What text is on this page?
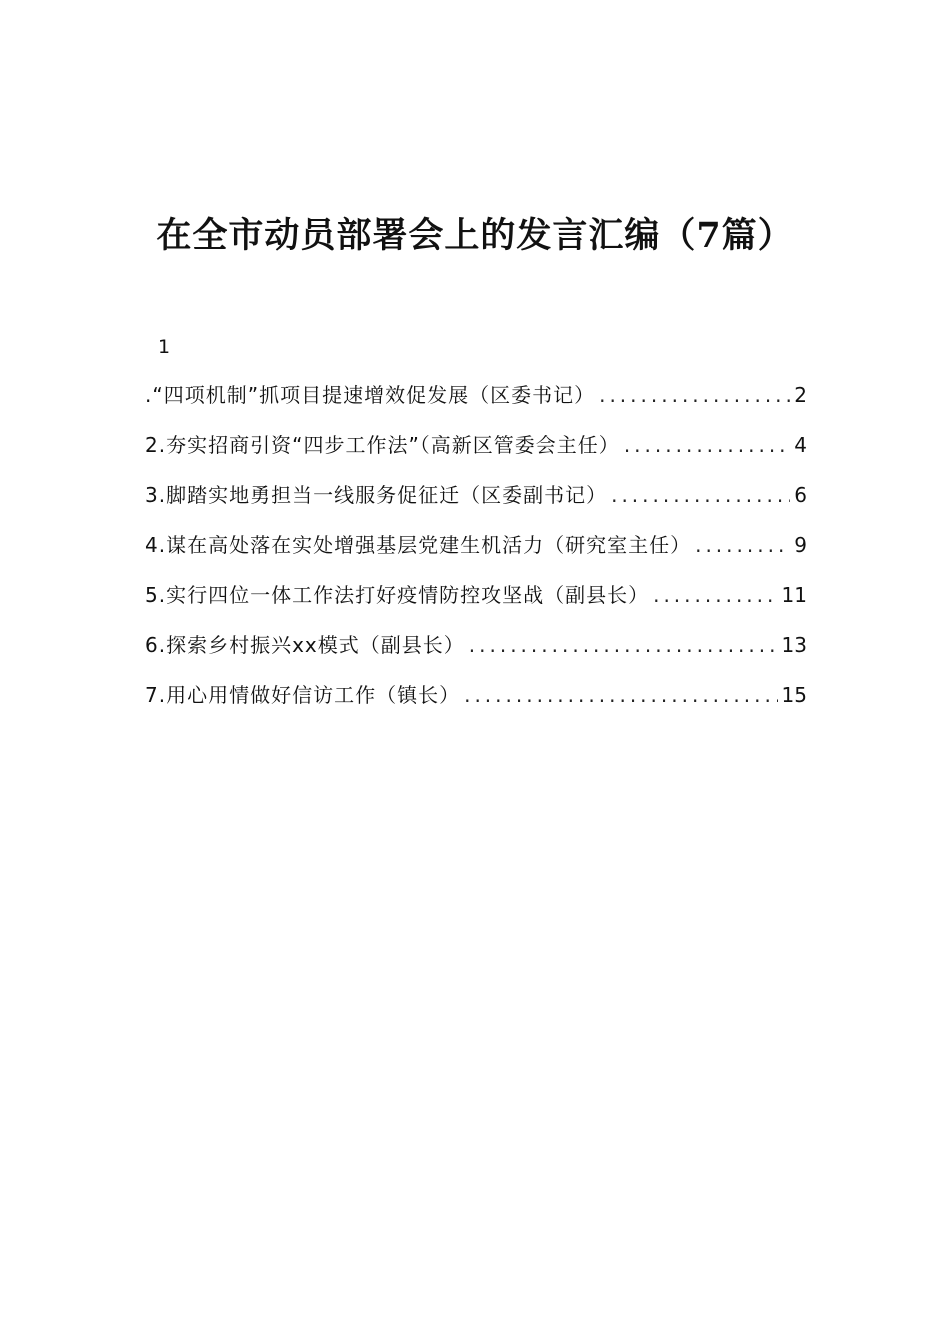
在全市动员部署会上的发言汇编（7篇）
1
.“四项机制”抓项目提速增效促发展（区委书记） .....	2
2.夯实招商引资“四步工作法”（高新区管委会主任） .....	4
3.脚踏实地勇担当一线服务促征迁（区委副书记） .....	6
4.谋在高处落在实处增强基层党建生机活力（研究室主任） .....	9
5.实行四位一体工作法打好疫情防控攻坚战（副县长） .....	11
6.探索乡村振兴xx模式（副县长） .....	13
7.用心用情做好信访工作（镇长） .....	15
